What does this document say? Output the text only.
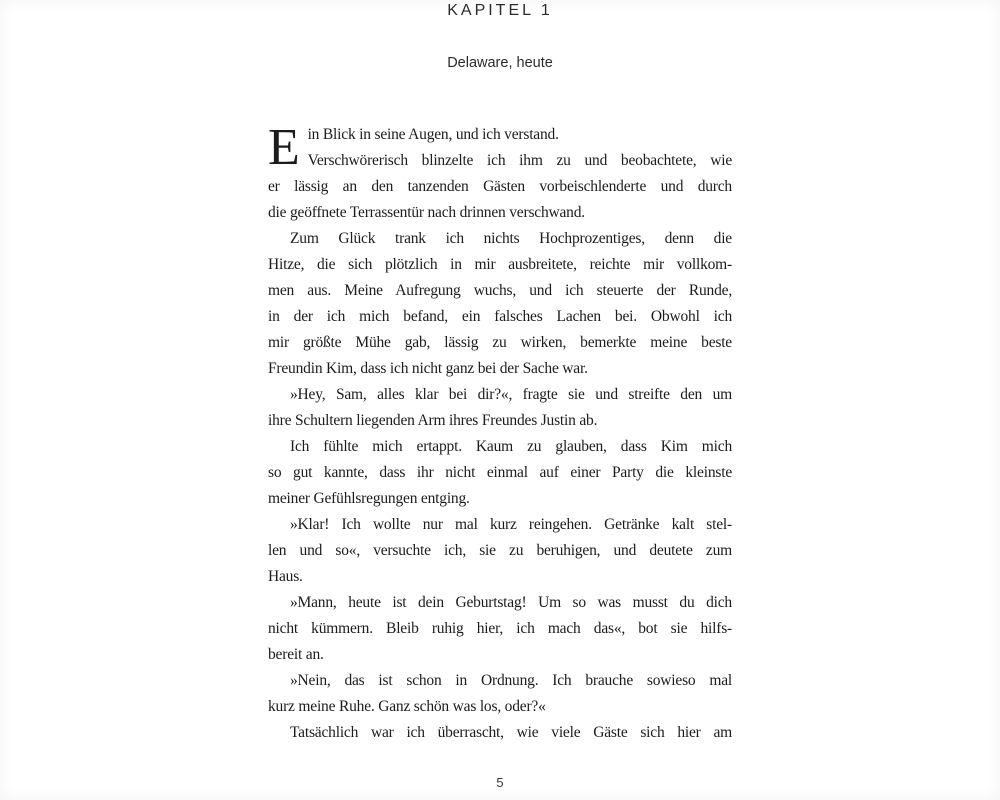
KAPITEL 1
Delaware, heute
E in Blick in seine Augen, und ich verstand.
Verschwörerisch blinzelte ich ihm zu und beobachtete, wie
er lässig an den tanzenden Gästen vorbeischlenderte und durch
die geöffnete Terrassentür nach drinnen verschwand.
Zum Glück trank ich nichts Hochprozentiges, denn die
Hitze, die sich plötzlich in mir ausbreitete, reichte mir vollkom-
men aus. Meine Aufregung wuchs, und ich steuerte der Runde,
in der ich mich befand, ein falsches Lachen bei. Obwohl ich
mir größte Mühe gab, lässig zu wirken, bemerkte meine beste
Freundin Kim, dass ich nicht ganz bei der Sache war.
»Hey, Sam, alles klar bei dir?«, fragte sie und streifte den um
ihre Schultern liegenden Arm ihres Freundes Justin ab.
Ich fühlte mich ertappt. Kaum zu glauben, dass Kim mich
so gut kannte, dass ihr nicht einmal auf einer Party die kleinste
meiner Gefühlsregungen entging.
»Klar! Ich wollte nur mal kurz reingehen. Getränke kalt stel-
len und so«, versuchte ich, sie zu beruhigen, und deutete zum
Haus.
»Mann, heute ist dein Geburtstag! Um so was musst du dich
nicht kümmern. Bleib ruhig hier, ich mach das«, bot sie hilfs-
bereit an.
»Nein, das ist schon in Ordnung. Ich brauche sowieso mal
kurz meine Ruhe. Ganz schön was los, oder?«
Tatsächlich war ich überrascht, wie viele Gäste sich hier am
5
